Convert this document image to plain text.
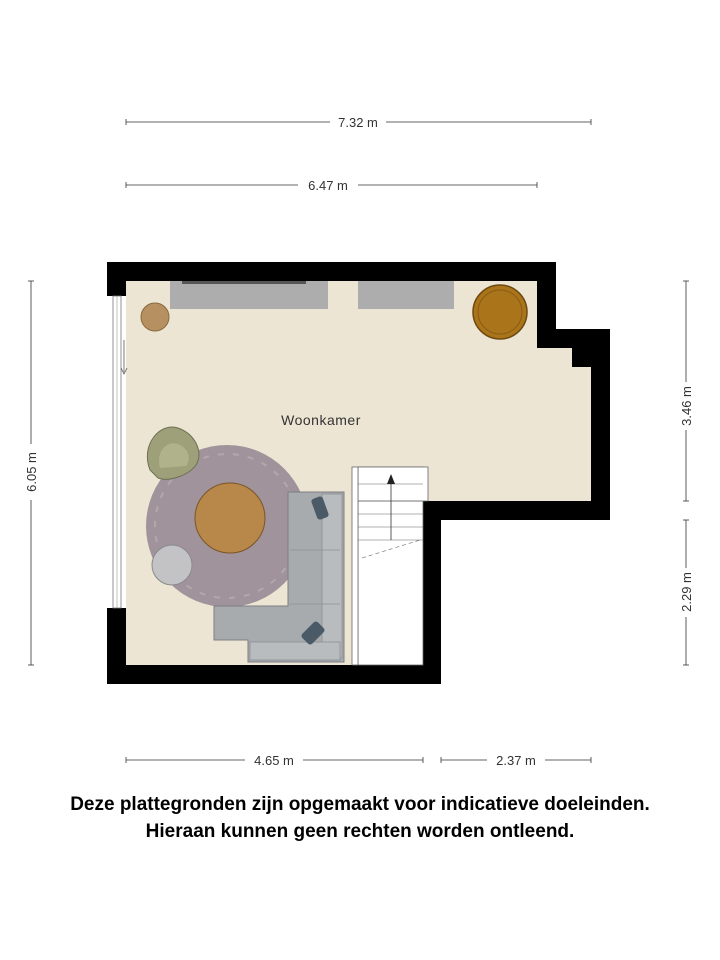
Woonkamer
7.32 m
6.47 m
6.05 m
3.46 m
2.29 m
4.65 m	2.37 m
Deze plattegronden zijn opgemaakt voor indicatieve doeleinden.
Hieraan kunnen geen rechten worden ontleend.
